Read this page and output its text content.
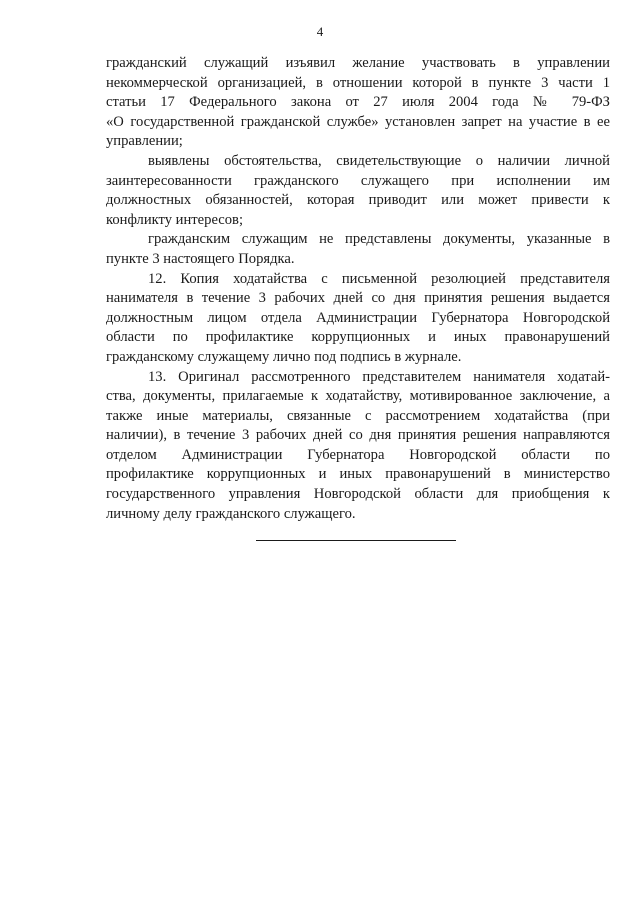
4
гражданский служащий изъявил желание участвовать в управлении
некоммерческой организацией, в отношении которой в пункте 3 части 1
статьи 17 Федерального закона от 27 июля 2004 года № 79-ФЗ
«О государственной гражданской службе» установлен запрет на участие в ее
управлении;
выявлены обстоятельства, свидетельствующие о наличии личной
заинтересованности гражданского служащего при исполнении им
должностных обязанностей, которая приводит или может привести к
конфликту интересов;
гражданским служащим не представлены документы, указанные в
пункте 3 настоящего Порядка.
12. Копия ходатайства с письменной резолюцией представителя
нанимателя в течение 3 рабочих дней со дня принятия решения выдается
должностным лицом отдела Администрации Губернатора Новгородской
области по профилактике коррупционных и иных правонарушений
гражданскому служащему лично под подпись в журнале.
13. Оригинал рассмотренного представителем нанимателя ходатай-
ства, документы, прилагаемые к ходатайству, мотивированное заключение, а
также иные материалы, связанные с рассмотрением ходатайства (при
наличии), в течение 3 рабочих дней со дня принятия решения направляются
отделом Администрации Губернатора Новгородской области по
профилактике коррупционных и иных правонарушений в министерство
государственного управления Новгородской области для приобщения к
личному делу гражданского служащего.
